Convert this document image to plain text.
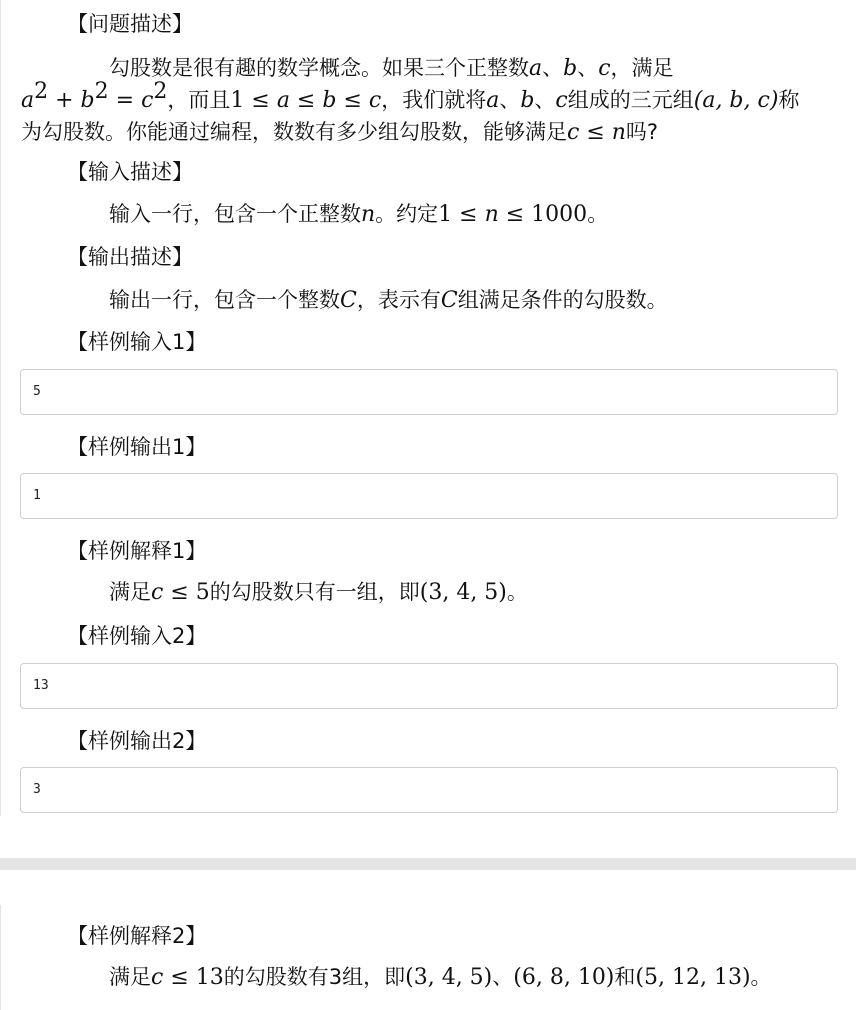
【问题描述】
勾股数是很有趣的数学概念。如果三个正整数a、b、c，满足
$a^2 + b^2 = c^2$，而且1 ≤ a ≤ b ≤ c，我们就将a、b、c组成的三元组(a, b, c)称
为勾股数。你能通过编程，数数有多少组勾股数，能够满足c ≤ n吗?
【输入描述】
输入一行，包含一个正整数n。约定1 ≤ n ≤ 1000。
【输出描述】
输出一行，包含一个整数C，表示有C组满足条件的勾股数。
【样例输入1】
5
【样例输出1】
1
【样例解释1】
满足c ≤ 5的勾股数只有一组，即(3, 4, 5)。
【样例输入2】
13
【样例输出2】
3
【样例解释2】
满足c ≤ 13的勾股数有3组，即(3, 4, 5)、(6, 8, 10)和(5, 12, 13)。
